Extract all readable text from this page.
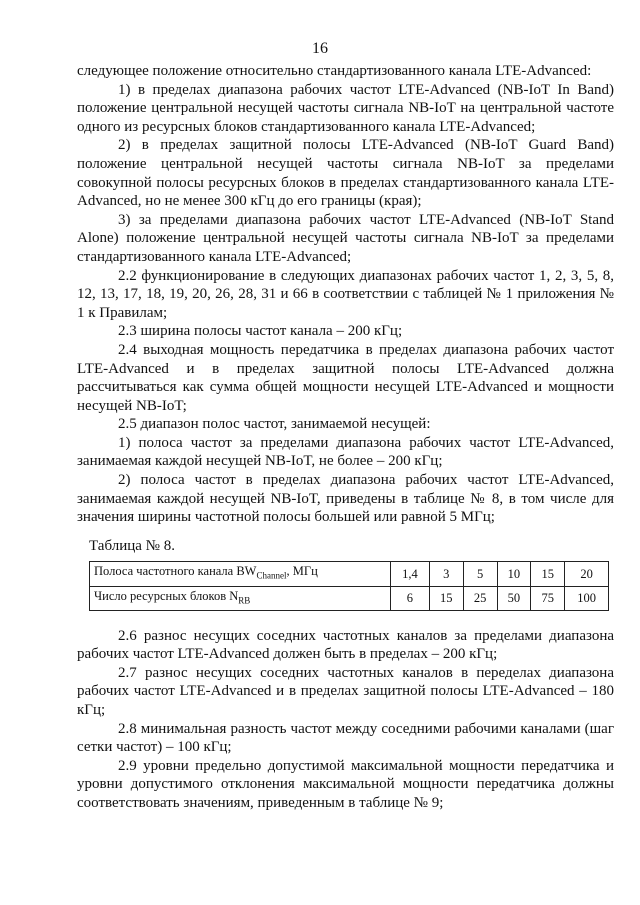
16

следующее положение относительно стандартизованного канала LTE-Advanced:

1) в пределах диапазона рабочих частот LTE-Advanced (NB-IoT In Band) положение центральной несущей частоты сигнала NB-IoT на центральной частоте одного из ресурсных блоков стандартизованного канала LTE-Advanced;

2) в пределах защитной полосы LTE-Advanced (NB-IoT Guard Band) положение центральной несущей частоты сигнала NB-IoT за пределами совокупной полосы ресурсных блоков в пределах стандартизованного канала LTE-Advanced, но не менее 300 кГц до его границы (края);

3) за пределами диапазона рабочих частот LTE-Advanced (NB-IoT Stand Alone) положение центральной несущей частоты сигнала NB-IoT за пределами стандартизованного канала LTE-Advanced;

2.2 функционирование в следующих диапазонах рабочих частот 1, 2, 3, 5, 8, 12, 13, 17, 18, 19, 20, 26, 28, 31 и 66 в соответствии с таблицей № 1 приложения № 1 к Правилам;

2.3 ширина полосы частот канала – 200 кГц;

2.4 выходная мощность передатчика в пределах диапазона рабочих частот LTE-Advanced и в пределах защитной полосы LTE-Advanced должна рассчитываться как сумма общей мощности несущей LTE-Advanced и мощности несущей NB-IoT;

2.5 диапазон полос частот, занимаемой несущей:

1) полоса частот за пределами диапазона рабочих частот LTE-Advanced, занимаемая каждой несущей NB-IoT, не более – 200 кГц;

2) полоса частот в пределах диапазона рабочих частот LTE-Advanced, занимаемая каждой несущей NB-IoT, приведены в таблице № 8, в том числе для значения ширины частотной полосы большей или равной 5 МГц;

Таблица № 8.

Полоса частотного канала $BW_{Channel}$, МГц	1,4	3	5	10	15	20
Число ресурсных блоков $N_{RB}$	6	15	25	50	75	100

2.6 разнос несущих соседних частотных каналов за пределами диапазона рабочих частот LTE-Advanced должен быть в пределах – 200 кГц;

2.7 разнос несущих соседних частотных каналов в переделах диапазона рабочих частот LTE-Advanced и в пределах защитной полосы LTE-Advanced – 180 кГц;

2.8 минимальная разность частот между соседними рабочими каналами (шаг сетки частот) – 100 кГц;

2.9 уровни предельно допустимой максимальной мощности передатчика и уровни допустимого отклонения максимальной мощности передатчика должны соответствовать значениям, приведенным в таблице № 9;
